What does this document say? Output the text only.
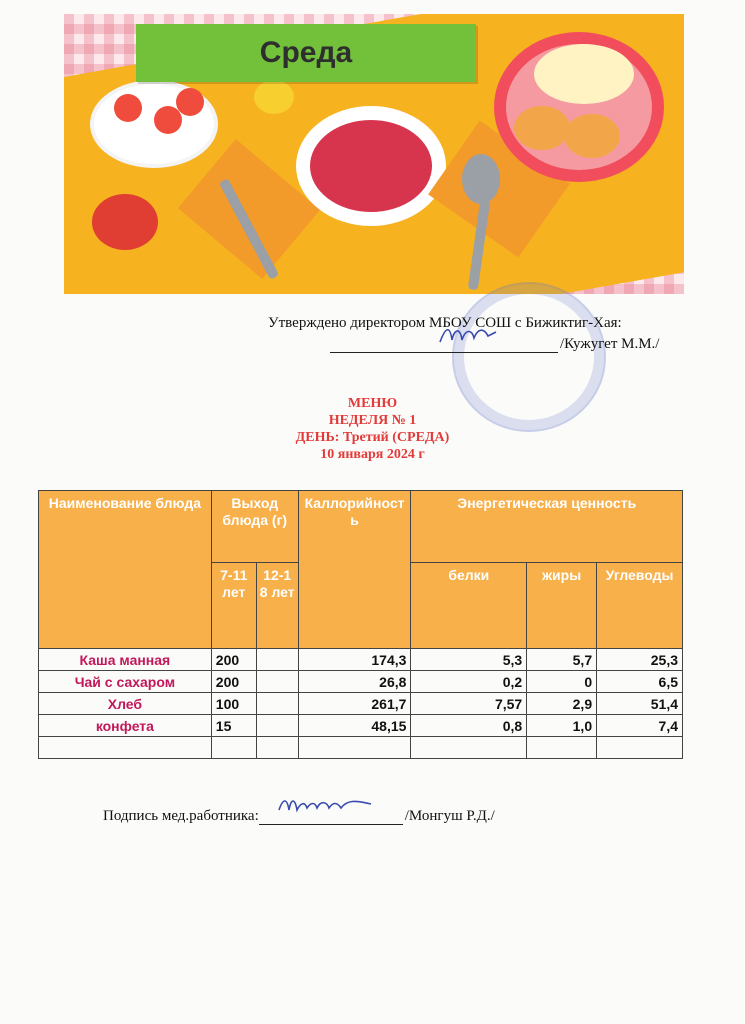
Среда
Утверждено директором МБОУ СОШ с Бижиктиг-Хая:
/Кужугет М.М./
МЕНЮ
НЕДЕЛЯ № 1
ДЕНЬ: Третий (СРЕДА)
10 января 2024 г
Наименование блюда	Выход блюда (г)		Каллорийность	Энергетическая ценность		
	7-11 лет	12-18 лет		белки	жиры	Углеводы
Каша манная	200		174,3	5,3	5,7	25,3
Чай с сахаром	200		26,8	0,2	0	6,5
Хлеб	100		261,7	7,57	2,9	51,4
конфета	15		48,15	0,8	1,0	7,4

Подпись мед.работника:	/Монгуш Р.Д./
